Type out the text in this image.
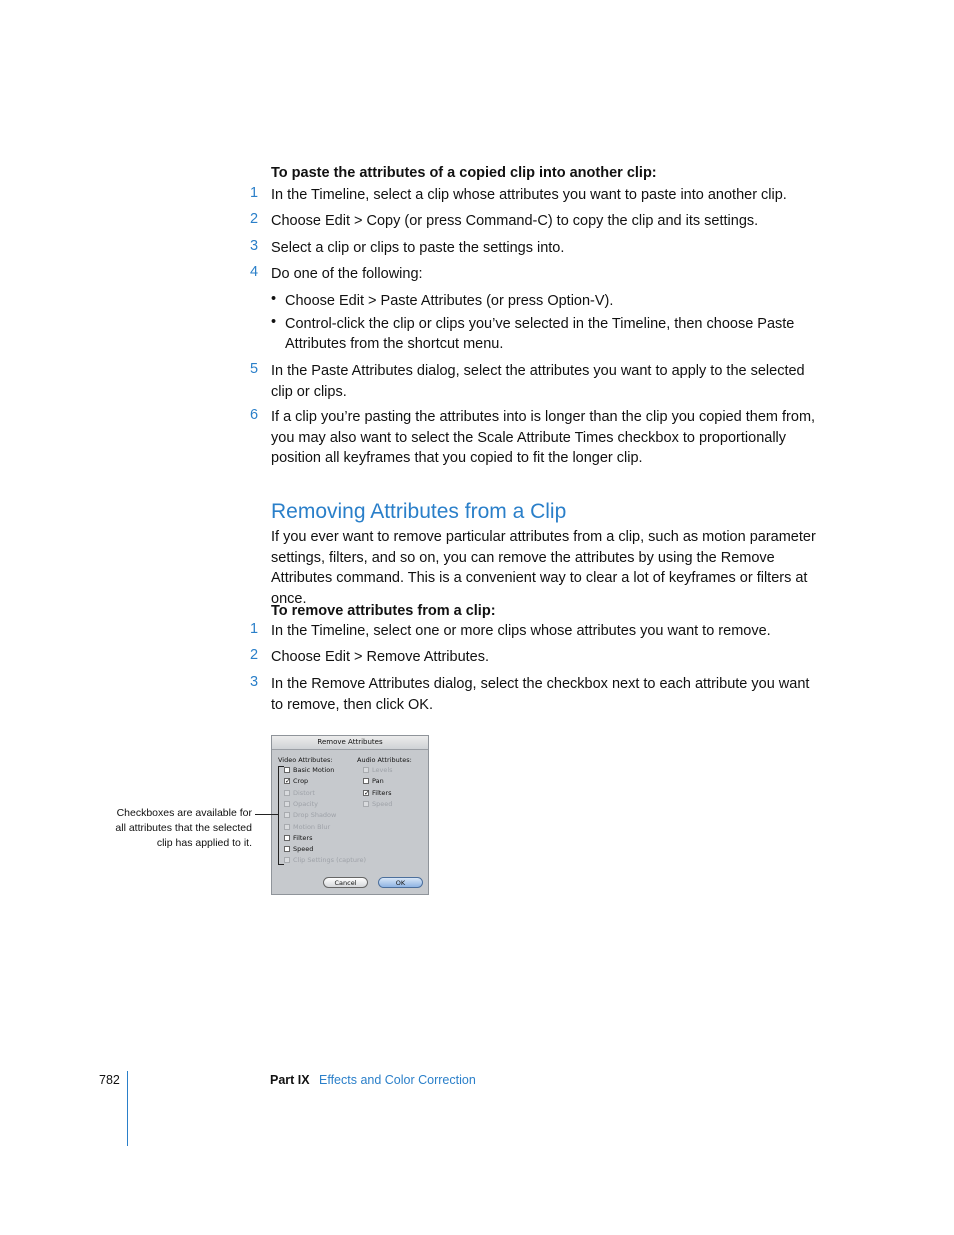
To paste the attributes of a copied clip into another clip:
1 In the Timeline, select a clip whose attributes you want to paste into another clip.
2 Choose Edit > Copy (or press Command-C) to copy the clip and its settings.
3 Select a clip or clips to paste the settings into.
4 Do one of the following:
• Choose Edit > Paste Attributes (or press Option-V).
• Control-click the clip or clips you’ve selected in the Timeline, then choose Paste Attributes from the shortcut menu.
5 In the Paste Attributes dialog, select the attributes you want to apply to the selected clip or clips.
6 If a clip you’re pasting the attributes into is longer than the clip you copied them from, you may also want to select the Scale Attribute Times checkbox to proportionally position all keyframes that you copied to fit the longer clip.
Removing Attributes from a Clip
If you ever want to remove particular attributes from a clip, such as motion parameter settings, filters, and so on, you can remove the attributes by using the Remove Attributes command. This is a convenient way to clear a lot of keyframes or filters at once.
To remove attributes from a clip:
1 In the Timeline, select one or more clips whose attributes you want to remove.
2 Choose Edit > Remove Attributes.
3 In the Remove Attributes dialog, select the checkbox next to each attribute you want to remove, then click OK.
Remove Attributes
Video Attributes:	Audio Attributes:
Basic Motion
✓ Crop
Distort
Opacity
Drop Shadow
Motion Blur
Filters
Speed
Clip Settings (capture)
Levels
Pan
✓ Filters
Speed
Cancel	OK
Checkboxes are available for all attributes that the selected clip has applied to it.
782	Part IX Effects and Color Correction
